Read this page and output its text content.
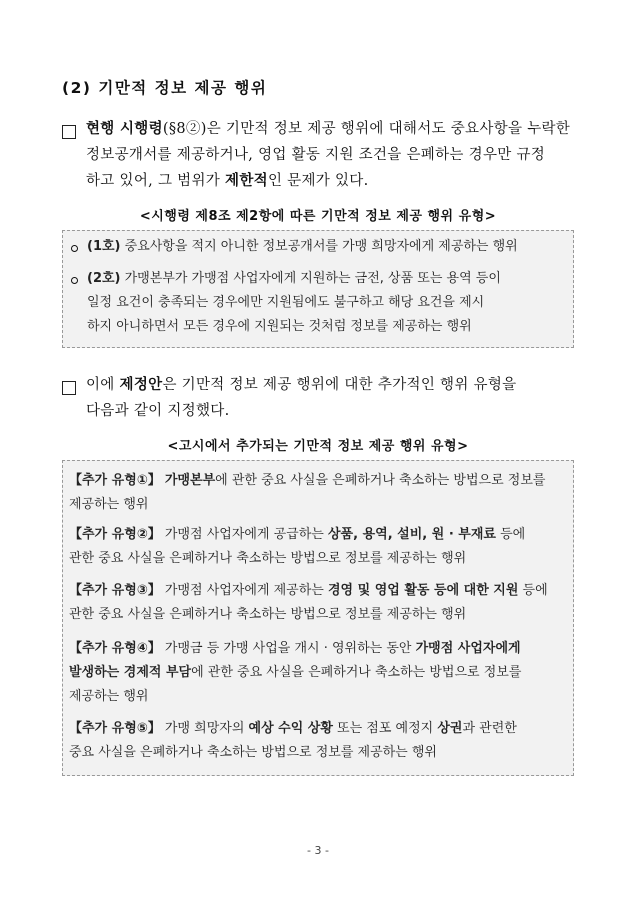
(2) 기만적 정보 제공 행위
현행 시행령(§8②)은 기만적 정보 제공 행위에 대해서도 중요사항을 누락한
정보공개서를 제공하거나, 영업 활동 지원 조건을 은폐하는 경우만 규정
하고 있어, 그 범위가 제한적인 문제가 있다.
<시행령 제8조 제2항에 따른 기만적 정보 제공 행위 유형>
(1호) 중요사항을 적지 아니한 정보공개서를 가맹 희망자에게 제공하는 행위
(2호) 가맹본부가 가맹점 사업자에게 지원하는 금전, 상품 또는 용역 등이
일정 요건이 충족되는 경우에만 지원됨에도 불구하고 해당 요건을 제시
하지 아니하면서 모든 경우에 지원되는 것처럼 정보를 제공하는 행위
이에 제정안은 기만적 정보 제공 행위에 대한 추가적인 행위 유형을
다음과 같이 지정했다.
<고시에서 추가되는 기만적 정보 제공 행위 유형>
【추가 유형①】 가맹본부에 관한 중요 사실을 은폐하거나 축소하는 방법으로 정보를
제공하는 행위
【추가 유형②】 가맹점 사업자에게 공급하는 상품, 용역, 설비, 원 · 부재료 등에
관한 중요 사실을 은폐하거나 축소하는 방법으로 정보를 제공하는 행위
【추가 유형③】 가맹점 사업자에게 제공하는 경영 및 영업 활동 등에 대한 지원 등에
관한 중요 사실을 은폐하거나 축소하는 방법으로 정보를 제공하는 행위
【추가 유형④】 가맹금 등 가맹 사업을 개시 · 영위하는 동안 가맹점 사업자에게
발생하는 경제적 부담에 관한 중요 사실을 은폐하거나 축소하는 방법으로 정보를
제공하는 행위
【추가 유형⑤】 가맹 희망자의 예상 수익 상황 또는 점포 예정지 상권과 관련한
중요 사실을 은폐하거나 축소하는 방법으로 정보를 제공하는 행위
- 3 -
